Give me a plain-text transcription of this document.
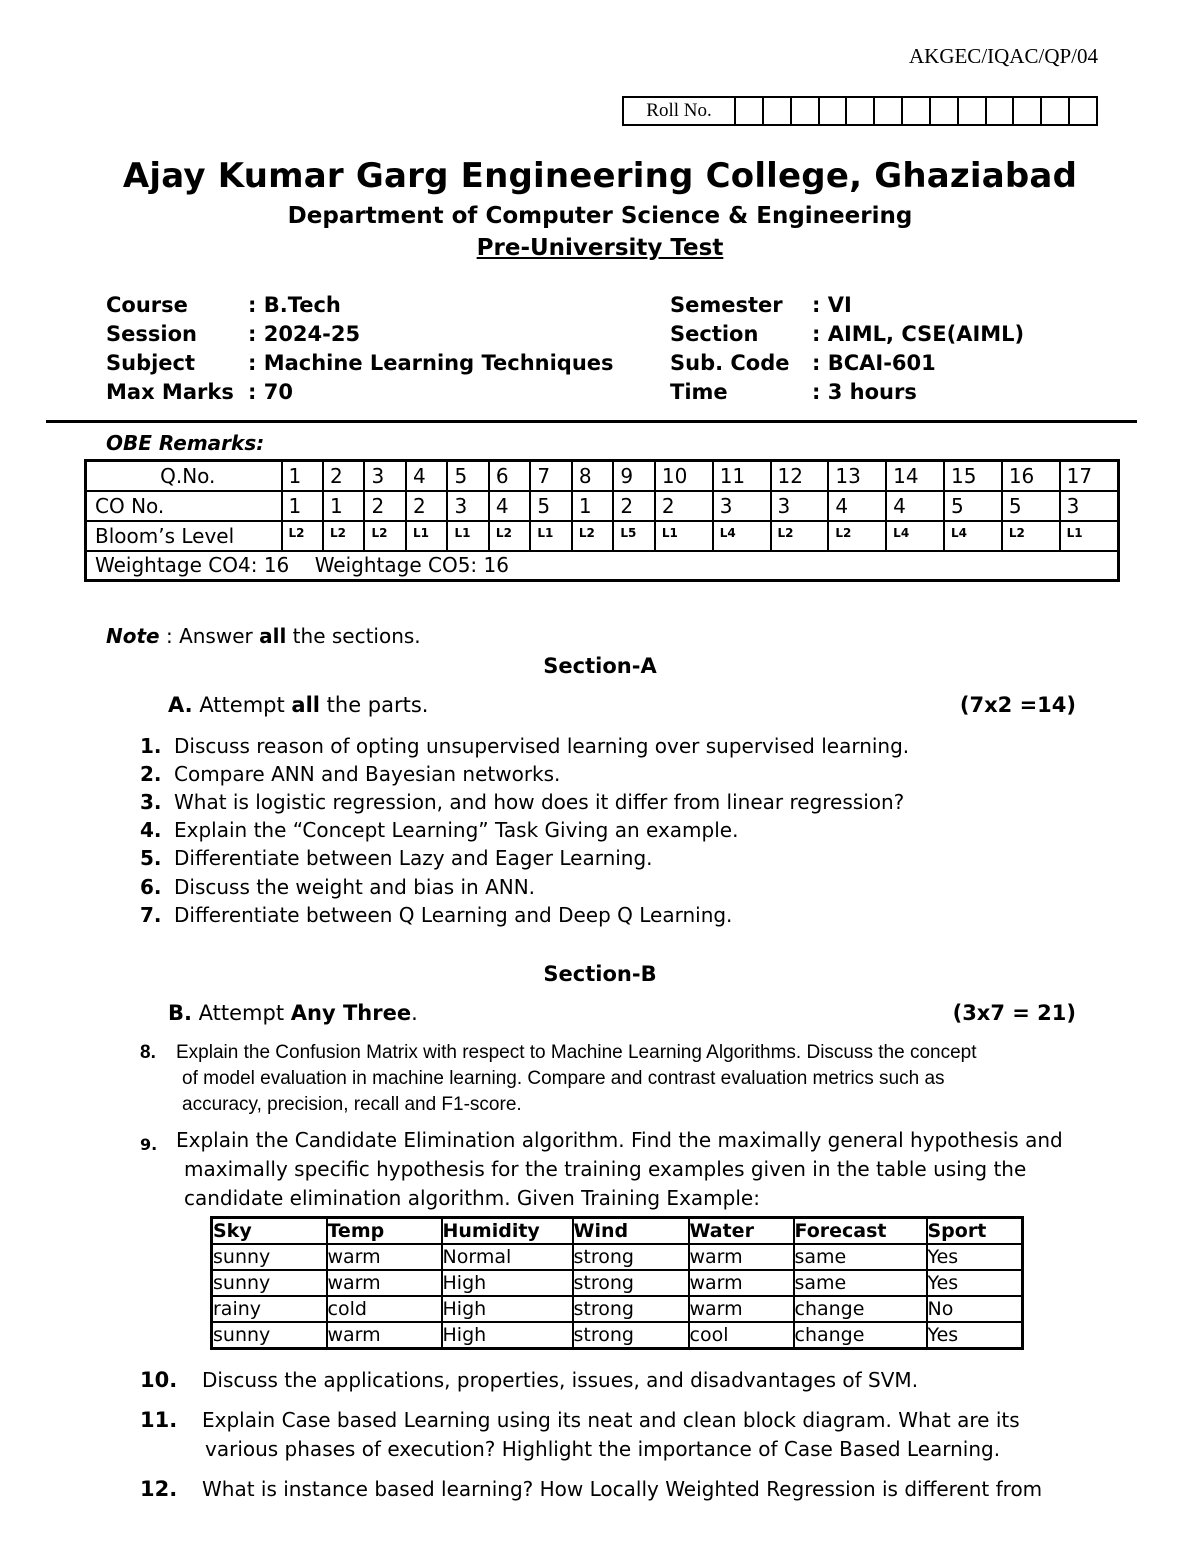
AKGEC/IQAC/QP/04
Roll No.
Ajay Kumar Garg Engineering College, Ghaziabad
Department of Computer Science & Engineering
Pre-University Test
Course	: B.Tech
Session	: 2024-25
Subject	: Machine Learning Techniques
Max Marks : 70
Semester	: VI
Section	: AIML, CSE(AIML)
Sub. Code	: BCAI-601
Time	: 3 hours
OBE Remarks:
Q.No.	1	2	3	4	5	6	7	8	9	10	11	12	13	14	15	16	17
CO No.	1	1	2	2	3	4	5	1	2	2	3	3	4	4	5	5	3
Bloom’s Level	L2	L2	L2	L1	L1	L2	L1	L2	L5	L1	L4	L2	L2	L4	L4	L2	L1
Weightage CO4: 16    Weightage CO5: 16																	
Note : Answer all the sections.
Section-A
A. Attempt all the parts.	(7x2 =14)
1. Discuss reason of opting unsupervised learning over supervised learning.
2. Compare ANN and Bayesian networks.
3. What is logistic regression, and how does it differ from linear regression?
4. Explain the “Concept Learning” Task Giving an example.
5. Differentiate between Lazy and Eager Learning.
6. Discuss the weight and bias in ANN.
7. Differentiate between Q Learning and Deep Q Learning.
Section-B
B. Attempt Any Three.	(3x7 = 21)
8. Explain the Confusion Matrix with respect to Machine Learning Algorithms. Discuss the concept
of model evaluation in machine learning. Compare and contrast evaluation metrics such as
accuracy, precision, recall and F1-score.
9. Explain the Candidate Elimination algorithm. Find the maximally general hypothesis and
maximally specific hypothesis for the training examples given in the table using the
candidate elimination algorithm. Given Training Example:
Sky	Temp	Humidity	Wind	Water	Forecast	Sport
sunny	warm	Normal	strong	warm	same	Yes
sunny	warm	High	strong	warm	same	Yes
rainy	cold	High	strong	warm	change	No
sunny	warm	High	strong	cool	change	Yes
10. Discuss the applications, properties, issues, and disadvantages of SVM.
11. Explain Case based Learning using its neat and clean block diagram. What are its
various phases of execution? Highlight the importance of Case Based Learning.
12. What is instance based learning? How Locally Weighted Regression is different from
